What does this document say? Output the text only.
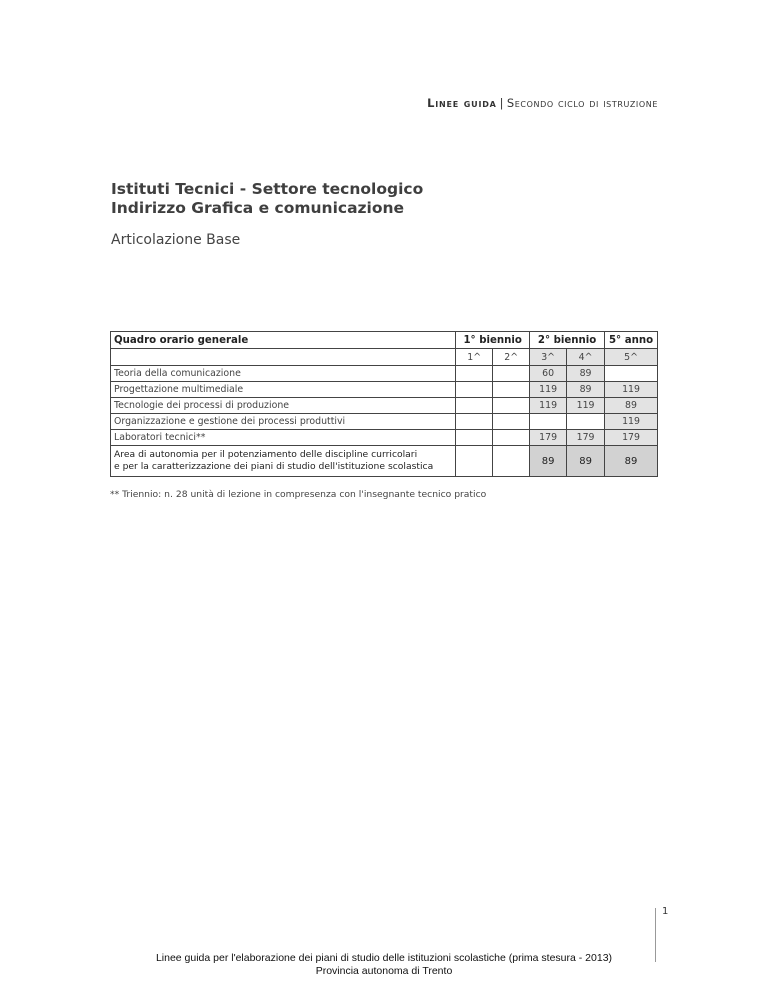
Linee guida | Secondo ciclo di istruzione
Istituti Tecnici - Settore tecnologico
Indirizzo Grafica e comunicazione
Articolazione Base
Quadro orario generale	1° biennio		2° biennio		5° anno
	1^	2^	3^	4^	5^
Teoria della comunicazione			60	89	
Progettazione multimediale			119	89	119
Tecnologie dei processi di produzione			119	119	89
Organizzazione e gestione dei processi produttivi					119
Laboratori tecnici**			179	179	179

Area di autonomia per il potenziamento delle discipline curricolari
e per la caratterizzazione dei piani di studio dell'istituzione scolastica			89	89	89
** Triennio: n. 28 unità di lezione in compresenza con l'insegnante tecnico pratico
1
Linee guida per l'elaborazione dei piani di studio delle istituzioni scolastiche (prima stesura - 2013)
Provincia autonoma di Trento
